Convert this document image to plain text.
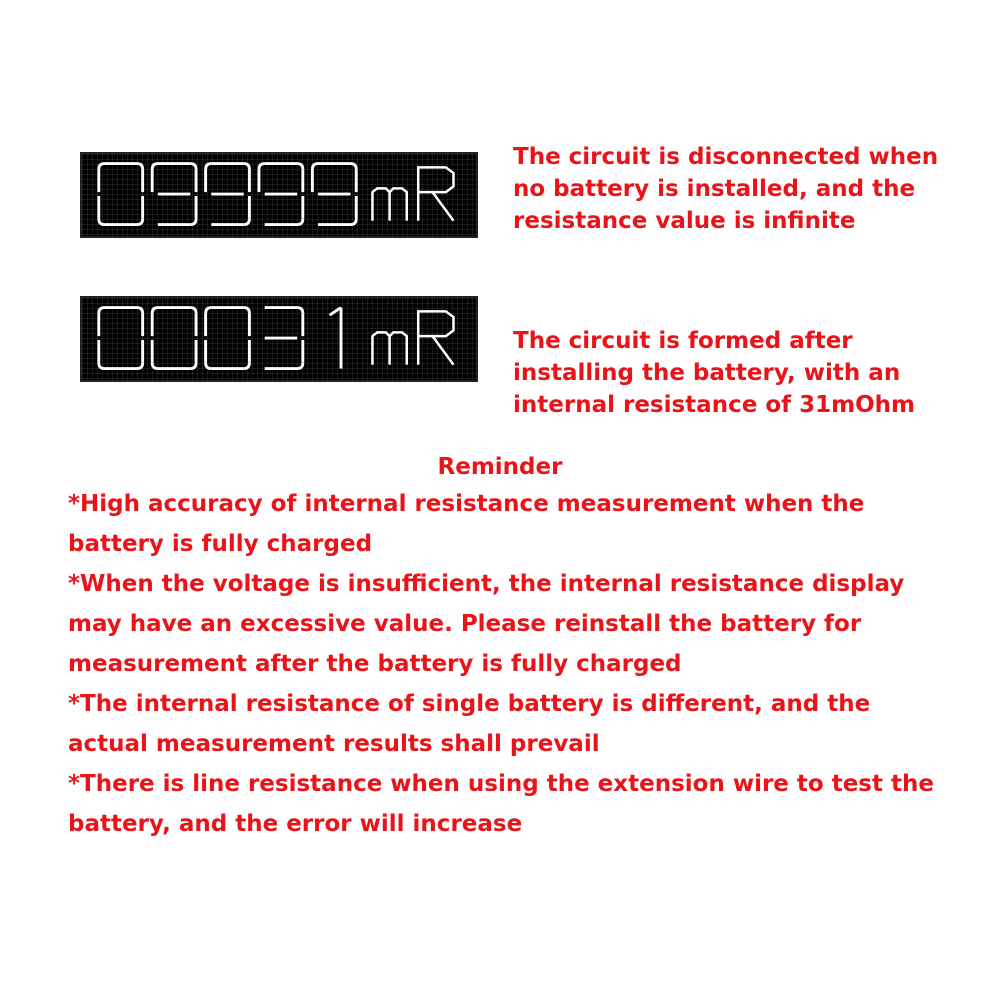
The circuit is disconnected when
no battery is installed, and the
resistance value is infinite

The circuit is formed after
installing the battery, with an
internal resistance of 31mOhm

Reminder

*High accuracy of internal resistance measurement when the
battery is fully charged
*When the voltage is insufficient, the internal resistance display
may have an excessive value. Please reinstall the battery for
measurement after the battery is fully charged
*The internal resistance of single battery is different, and the
actual measurement results shall prevail
*There is line resistance when using the extension wire to test the
battery, and the error will increase
